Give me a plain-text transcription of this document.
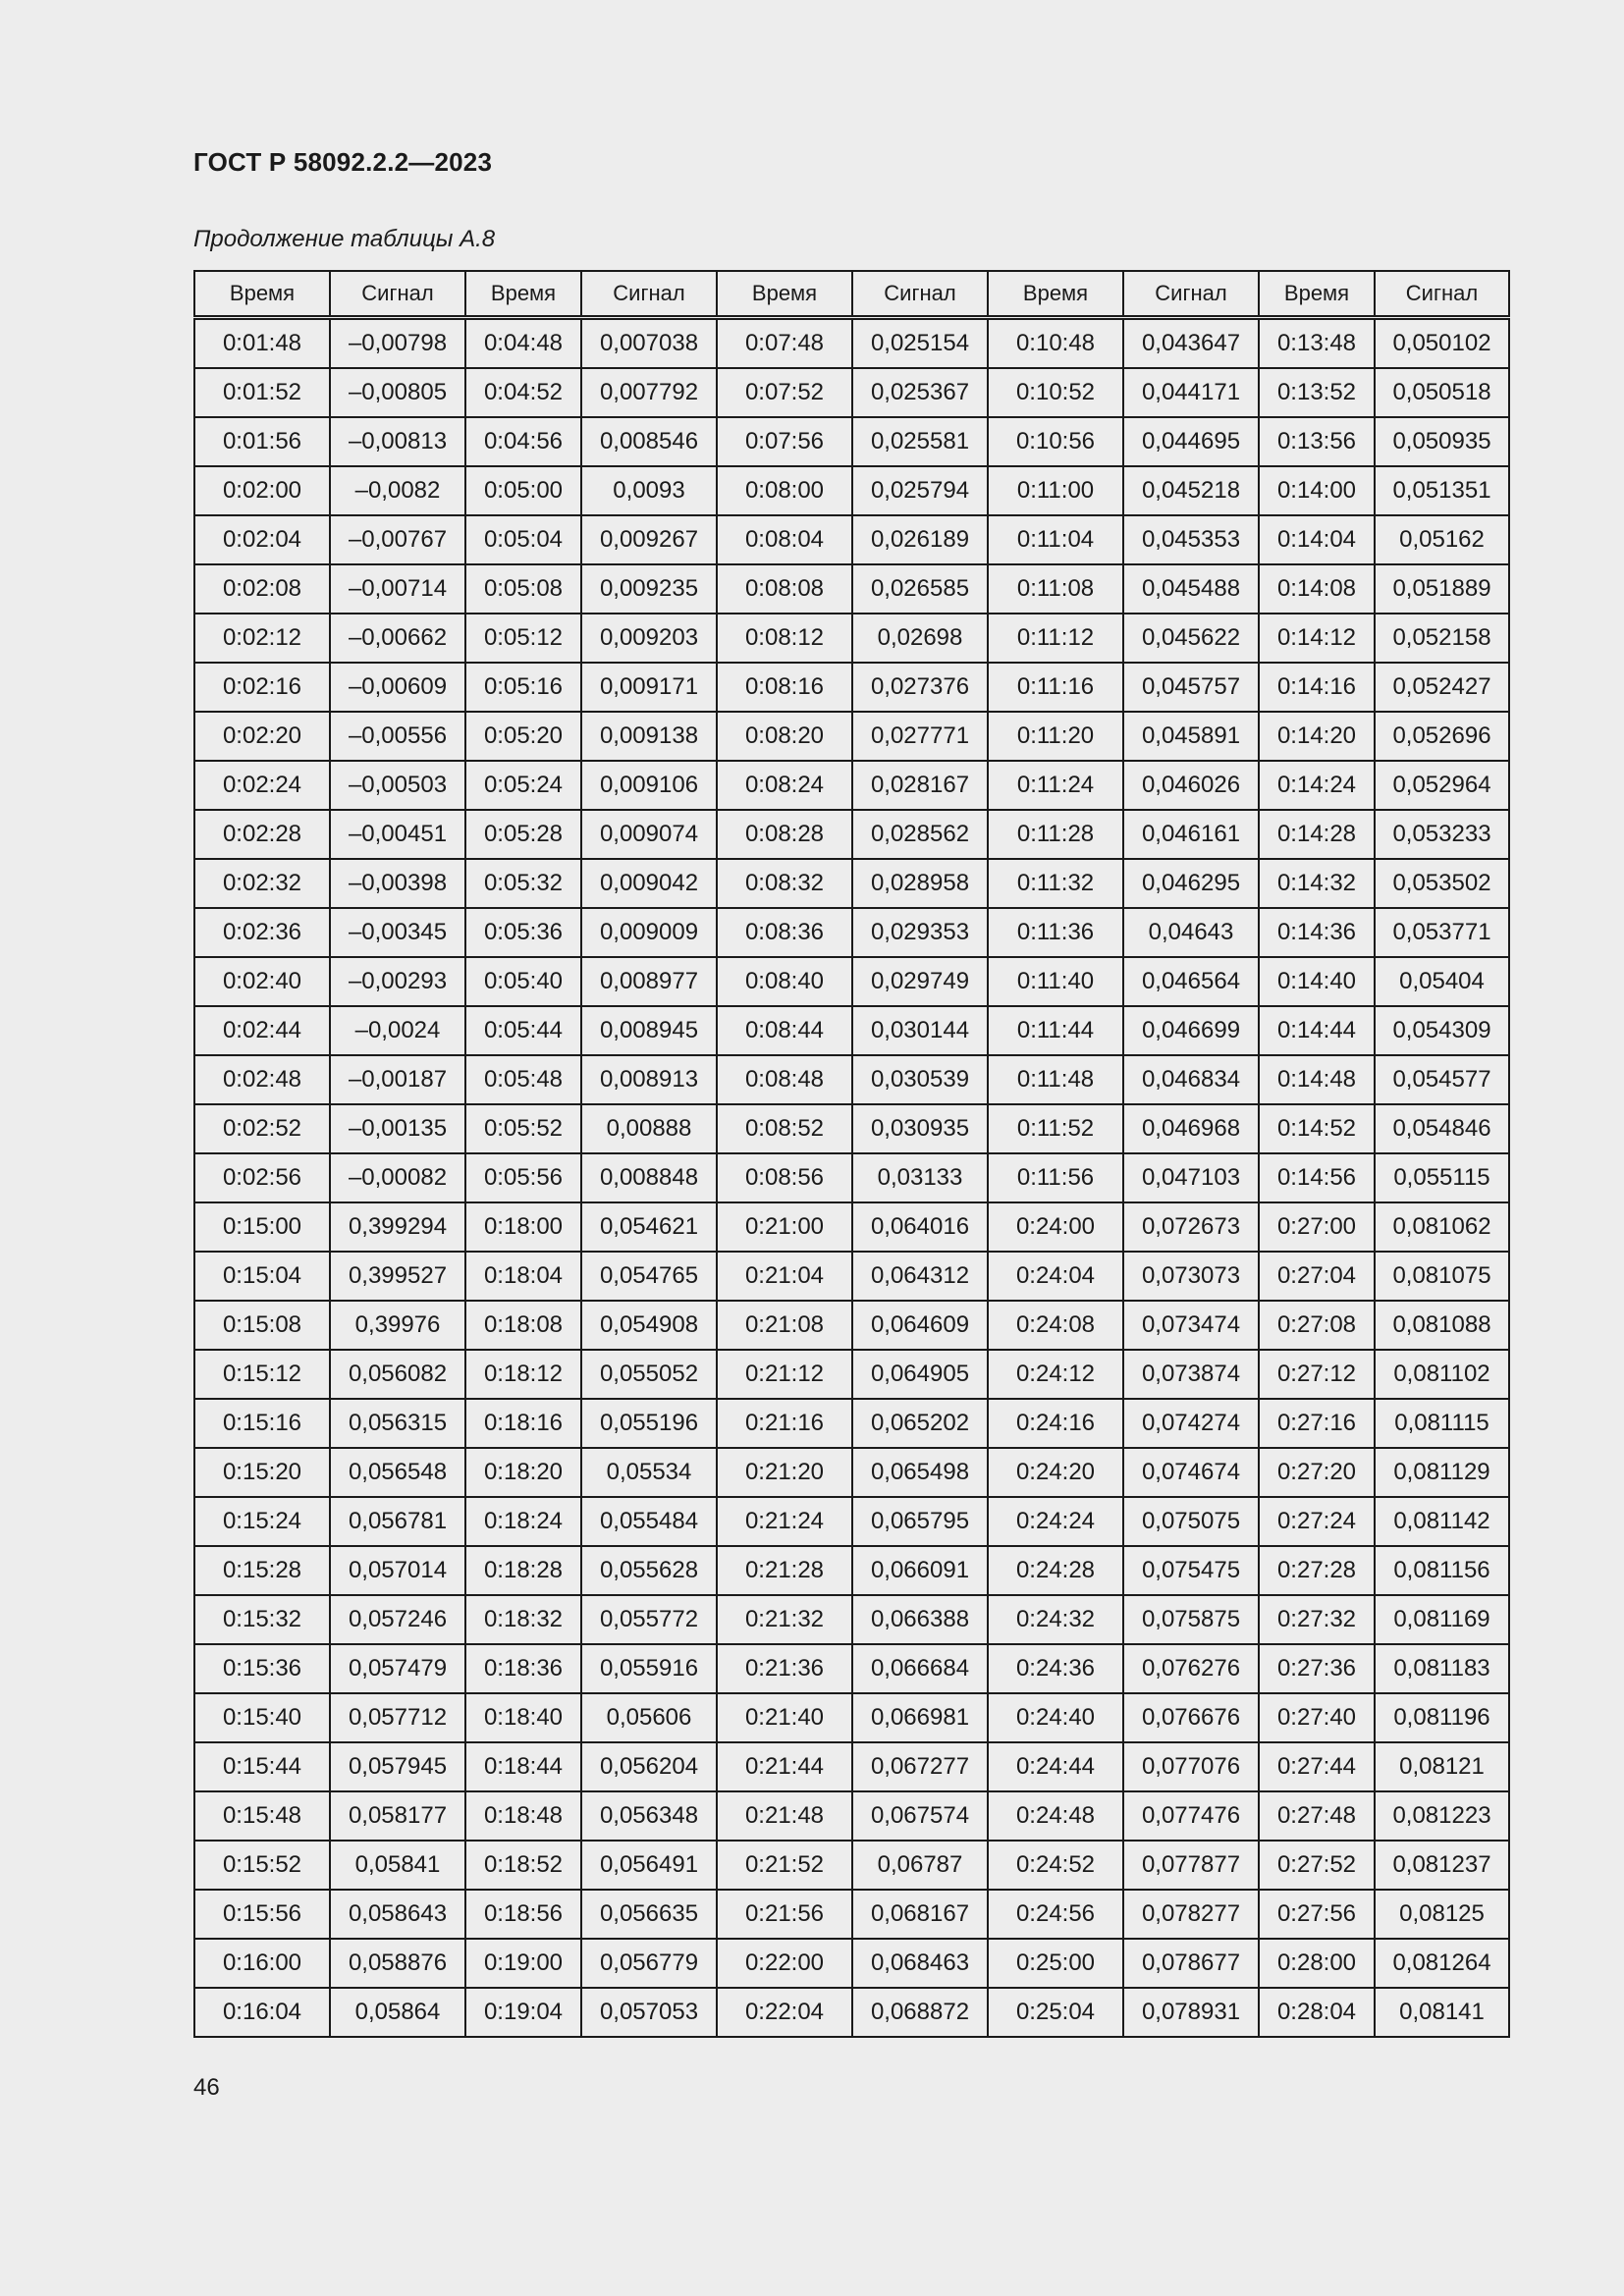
ГОСТ Р 58092.2.2—2023
Продолжение таблицы А.8
Время	Сигнал	Время	Сигнал	Время	Сигнал	Время	Сигнал	Время	Сигнал
0:01:48	–0,00798	0:04:48	0,007038	0:07:48	0,025154	0:10:48	0,043647	0:13:48	0,050102
0:01:52	–0,00805	0:04:52	0,007792	0:07:52	0,025367	0:10:52	0,044171	0:13:52	0,050518
0:01:56	–0,00813	0:04:56	0,008546	0:07:56	0,025581	0:10:56	0,044695	0:13:56	0,050935
0:02:00	–0,0082	0:05:00	0,0093	0:08:00	0,025794	0:11:00	0,045218	0:14:00	0,051351
0:02:04	–0,00767	0:05:04	0,009267	0:08:04	0,026189	0:11:04	0,045353	0:14:04	0,05162
0:02:08	–0,00714	0:05:08	0,009235	0:08:08	0,026585	0:11:08	0,045488	0:14:08	0,051889
0:02:12	–0,00662	0:05:12	0,009203	0:08:12	0,02698	0:11:12	0,045622	0:14:12	0,052158
0:02:16	–0,00609	0:05:16	0,009171	0:08:16	0,027376	0:11:16	0,045757	0:14:16	0,052427
0:02:20	–0,00556	0:05:20	0,009138	0:08:20	0,027771	0:11:20	0,045891	0:14:20	0,052696
0:02:24	–0,00503	0:05:24	0,009106	0:08:24	0,028167	0:11:24	0,046026	0:14:24	0,052964
0:02:28	–0,00451	0:05:28	0,009074	0:08:28	0,028562	0:11:28	0,046161	0:14:28	0,053233
0:02:32	–0,00398	0:05:32	0,009042	0:08:32	0,028958	0:11:32	0,046295	0:14:32	0,053502
0:02:36	–0,00345	0:05:36	0,009009	0:08:36	0,029353	0:11:36	0,04643	0:14:36	0,053771
0:02:40	–0,00293	0:05:40	0,008977	0:08:40	0,029749	0:11:40	0,046564	0:14:40	0,05404
0:02:44	–0,0024	0:05:44	0,008945	0:08:44	0,030144	0:11:44	0,046699	0:14:44	0,054309
0:02:48	–0,00187	0:05:48	0,008913	0:08:48	0,030539	0:11:48	0,046834	0:14:48	0,054577
0:02:52	–0,00135	0:05:52	0,00888	0:08:52	0,030935	0:11:52	0,046968	0:14:52	0,054846
0:02:56	–0,00082	0:05:56	0,008848	0:08:56	0,03133	0:11:56	0,047103	0:14:56	0,055115
0:15:00	0,399294	0:18:00	0,054621	0:21:00	0,064016	0:24:00	0,072673	0:27:00	0,081062
0:15:04	0,399527	0:18:04	0,054765	0:21:04	0,064312	0:24:04	0,073073	0:27:04	0,081075
0:15:08	0,39976	0:18:08	0,054908	0:21:08	0,064609	0:24:08	0,073474	0:27:08	0,081088
0:15:12	0,056082	0:18:12	0,055052	0:21:12	0,064905	0:24:12	0,073874	0:27:12	0,081102
0:15:16	0,056315	0:18:16	0,055196	0:21:16	0,065202	0:24:16	0,074274	0:27:16	0,081115
0:15:20	0,056548	0:18:20	0,05534	0:21:20	0,065498	0:24:20	0,074674	0:27:20	0,081129
0:15:24	0,056781	0:18:24	0,055484	0:21:24	0,065795	0:24:24	0,075075	0:27:24	0,081142
0:15:28	0,057014	0:18:28	0,055628	0:21:28	0,066091	0:24:28	0,075475	0:27:28	0,081156
0:15:32	0,057246	0:18:32	0,055772	0:21:32	0,066388	0:24:32	0,075875	0:27:32	0,081169
0:15:36	0,057479	0:18:36	0,055916	0:21:36	0,066684	0:24:36	0,076276	0:27:36	0,081183
0:15:40	0,057712	0:18:40	0,05606	0:21:40	0,066981	0:24:40	0,076676	0:27:40	0,081196
0:15:44	0,057945	0:18:44	0,056204	0:21:44	0,067277	0:24:44	0,077076	0:27:44	0,08121
0:15:48	0,058177	0:18:48	0,056348	0:21:48	0,067574	0:24:48	0,077476	0:27:48	0,081223
0:15:52	0,05841	0:18:52	0,056491	0:21:52	0,06787	0:24:52	0,077877	0:27:52	0,081237
0:15:56	0,058643	0:18:56	0,056635	0:21:56	0,068167	0:24:56	0,078277	0:27:56	0,08125
0:16:00	0,058876	0:19:00	0,056779	0:22:00	0,068463	0:25:00	0,078677	0:28:00	0,081264
0:16:04	0,05864	0:19:04	0,057053	0:22:04	0,068872	0:25:04	0,078931	0:28:04	0,08141
46
